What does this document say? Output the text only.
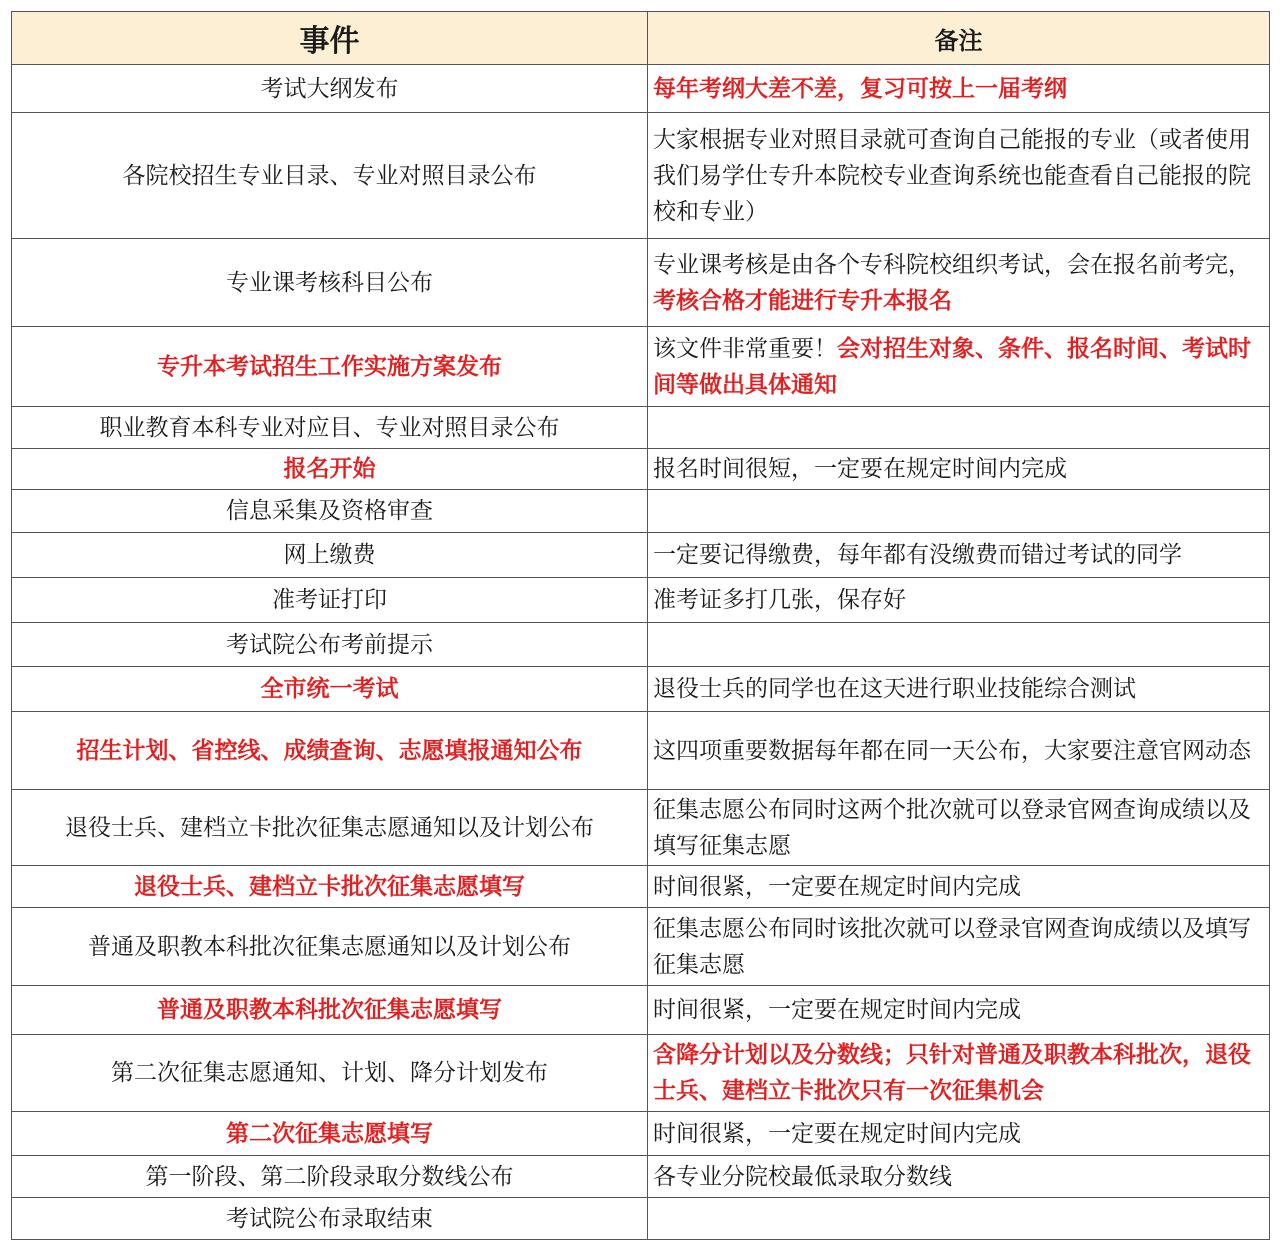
事件	备注
考试大纲发布	每年考纲大差不差，复习可按上一届考纲
各院校招生专业目录、专业对照目录公布	大家根据专业对照目录就可查询自己能报的专业（或者使用我们易学仕专升本院校专业查询系统也能查看自己能报的院校和专业）
专业课考核科目公布	专业课考核是由各个专科院校组织考试，会在报名前考完，考核合格才能进行专升本报名
专升本考试招生工作实施方案发布	该文件非常重要！会对招生对象、条件、报名时间、考试时间等做出具体通知
职业教育本科专业对应目、专业对照目录公布	
报名开始	报名时间很短，一定要在规定时间内完成
信息采集及资格审查	
网上缴费	一定要记得缴费，每年都有没缴费而错过考试的同学
准考证打印	准考证多打几张，保存好
考试院公布考前提示	
全市统一考试	退役士兵的同学也在这天进行职业技能综合测试
招生计划、省控线、成绩查询、志愿填报通知公布	这四项重要数据每年都在同一天公布，大家要注意官网动态
退役士兵、建档立卡批次征集志愿通知以及计划公布	征集志愿公布同时这两个批次就可以登录官网查询成绩以及填写征集志愿
退役士兵、建档立卡批次征集志愿填写	时间很紧，一定要在规定时间内完成
普通及职教本科批次征集志愿通知以及计划公布	征集志愿公布同时该批次就可以登录官网查询成绩以及填写征集志愿
普通及职教本科批次征集志愿填写	时间很紧，一定要在规定时间内完成
第二次征集志愿通知、计划、降分计划发布	含降分计划以及分数线；只针对普通及职教本科批次，退役士兵、建档立卡批次只有一次征集机会
第二次征集志愿填写	时间很紧，一定要在规定时间内完成
第一阶段、第二阶段录取分数线公布	各专业分院校最低录取分数线
考试院公布录取结束	
